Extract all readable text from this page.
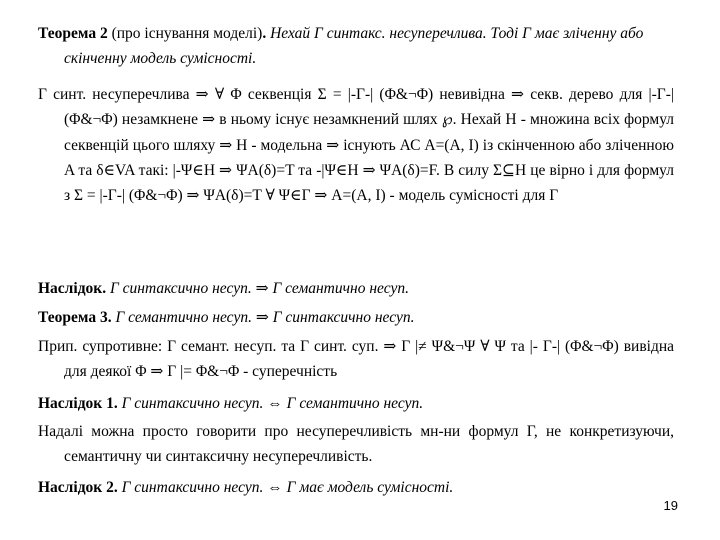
Теорема 2 (про існування моделі). Нехай Γ синтакс. несуперечлива. Тоді Γ має зліченну або скінченну модель сумісності.

Γ синт. несуперечлива ⇒ ∀ Φ секвенція Σ = |-Γ-| (Φ&¬Φ) невивідна ⇒ секв. дерево для |-Γ-| (Φ&¬Φ) незамкнене ⇒ в ньому існує незамкнений шлях ℘. Нехай H - множина всіх формул секвенцій цього шляху ⇒ H - модельна ⇒ існують АС A=(A, I) із скінченною або зліченною A та δ∈VA такі: |-Ψ∈H ⇒ ΨA(δ)=T та -|Ψ∈H ⇒ ΨA(δ)=F. В силу Σ⊆H це вірно і для формул з Σ = |-Γ-| (Φ&¬Φ) ⇒ ΨA(δ)=T ∀ Ψ∈Γ ⇒ A=(A, I) - модель сумісності для Γ

Наслідок. Γ синтаксично несуп. ⇒ Γ семантично несуп.

Теорема 3. Γ семантично несуп. ⇒ Γ синтаксично несуп.

Прип. супротивне: Γ семант. несуп. та Γ синт. суп. ⇒ Γ |≠ Ψ&¬Ψ ∀ Ψ та |- Γ-| (Φ&¬Φ) вивідна для деякої Φ ⇒ Γ |= Φ&¬Φ - суперечність

Наслідок 1. Γ синтаксично несуп. ⇔ Γ семантично несуп.

Надалі можна просто говорити про несуперечливість мн-ни формул Γ, не конкретизуючи, семантичну чи синтаксичну несуперечливість.

Наслідок 2. Γ синтаксично несуп. ⇔ Γ має модель сумісності.

19
